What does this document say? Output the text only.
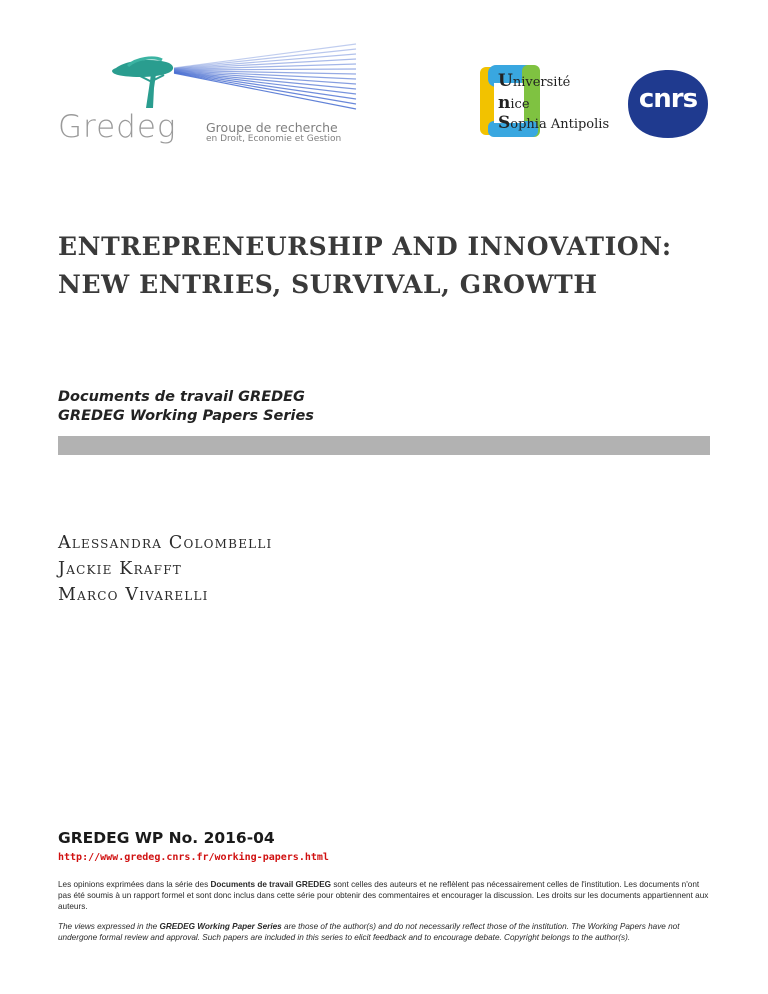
Gredeg Groupe de recherche
en Droit, Economie et Gestion
Université
nice
Sophia Antipolis
cnrs
ENTREPRENEURSHIP AND INNOVATION:
NEW ENTRIES, SURVIVAL, GROWTH
Documents de travail GREDEG
GREDEG Working Papers Series
Alessandra Colombelli
Jackie Krafft
Marco Vivarelli
GREDEG WP No. 2016-04
http://www.gredeg.cnrs.fr/working-papers.html
Les opinions exprimées dans la série des Documents de travail GREDEG sont celles des auteurs et ne reflèlent pas nécessairement celles de l'institution. Les documents n'ont pas été soumis à un rapport formel et sont donc inclus dans cette série pour obtenir des commentaires et encourager la discussion. Les droits sur les documents appartiennent aux auteurs.
The views expressed in the GREDEG Working Paper Series are those of the author(s) and do not necessarily reflect those of the institution. The Working Papers have not undergone formal review and approval. Such papers are included in this series to elicit feedback and to encourage debate. Copyright belongs to the author(s).
